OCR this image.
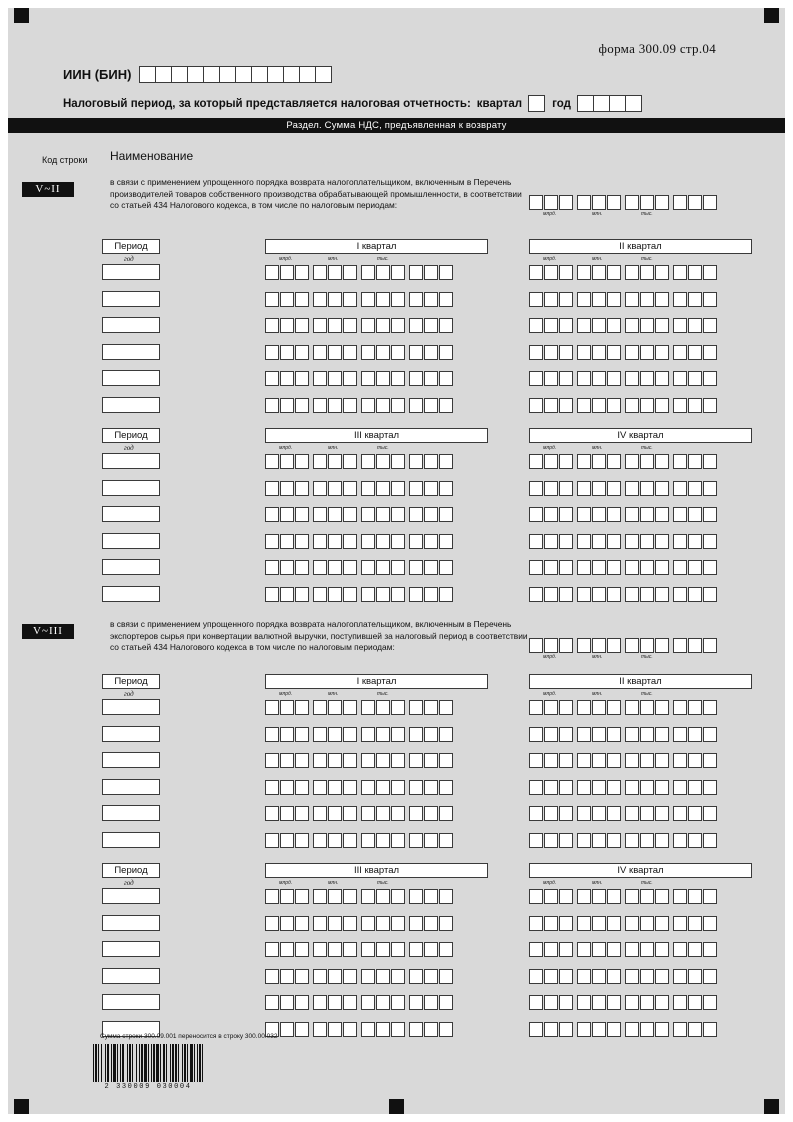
форма 300.09 стр.04
ИИН (БИН)
Налоговый период, за который представляется налоговая отчетность: квартал	год
Раздел. Сумма НДС, предъявленная к возврату
Код строки Наименование
V~II
в связи с применением упрощенного порядка возврата налогоплательщиком, включенным в Перечень производителей товаров собственного производства обрабатывающей промышленности, в соответствии со статьей 434 Налогового кодекса, в том числе по налоговым периодам:
млрд.	млн.	тыс.
Период
год
I квартал	II квартал
млрд.	млн.	тыс.	млрд.	млн.	тыс.
Период
год
III квартал	IV квартал
млрд.	млн.	тыс.	млрд.	млн.	тыс.
V~III
в связи с применением упрощенного порядка возврата налогоплательщиком, включенным в Перечень экспортеров сырья при конвертации валютной выручки, поступившей за налоговый период в соответствии со статьей 434 Налогового кодекса в том числе по налоговым периодам:
млрд.	млн.	тыс.
Период
год
I квартал	II квартал
млрд.	млн.	тыс.	млрд.	млн.	тыс.
Период
год
III квартал	IV квартал
млрд.	млн.	тыс.	млрд.	млн.	тыс.
Сумма строки 300.09.001 переносится в строку 300.00.032
2 330009 030004
